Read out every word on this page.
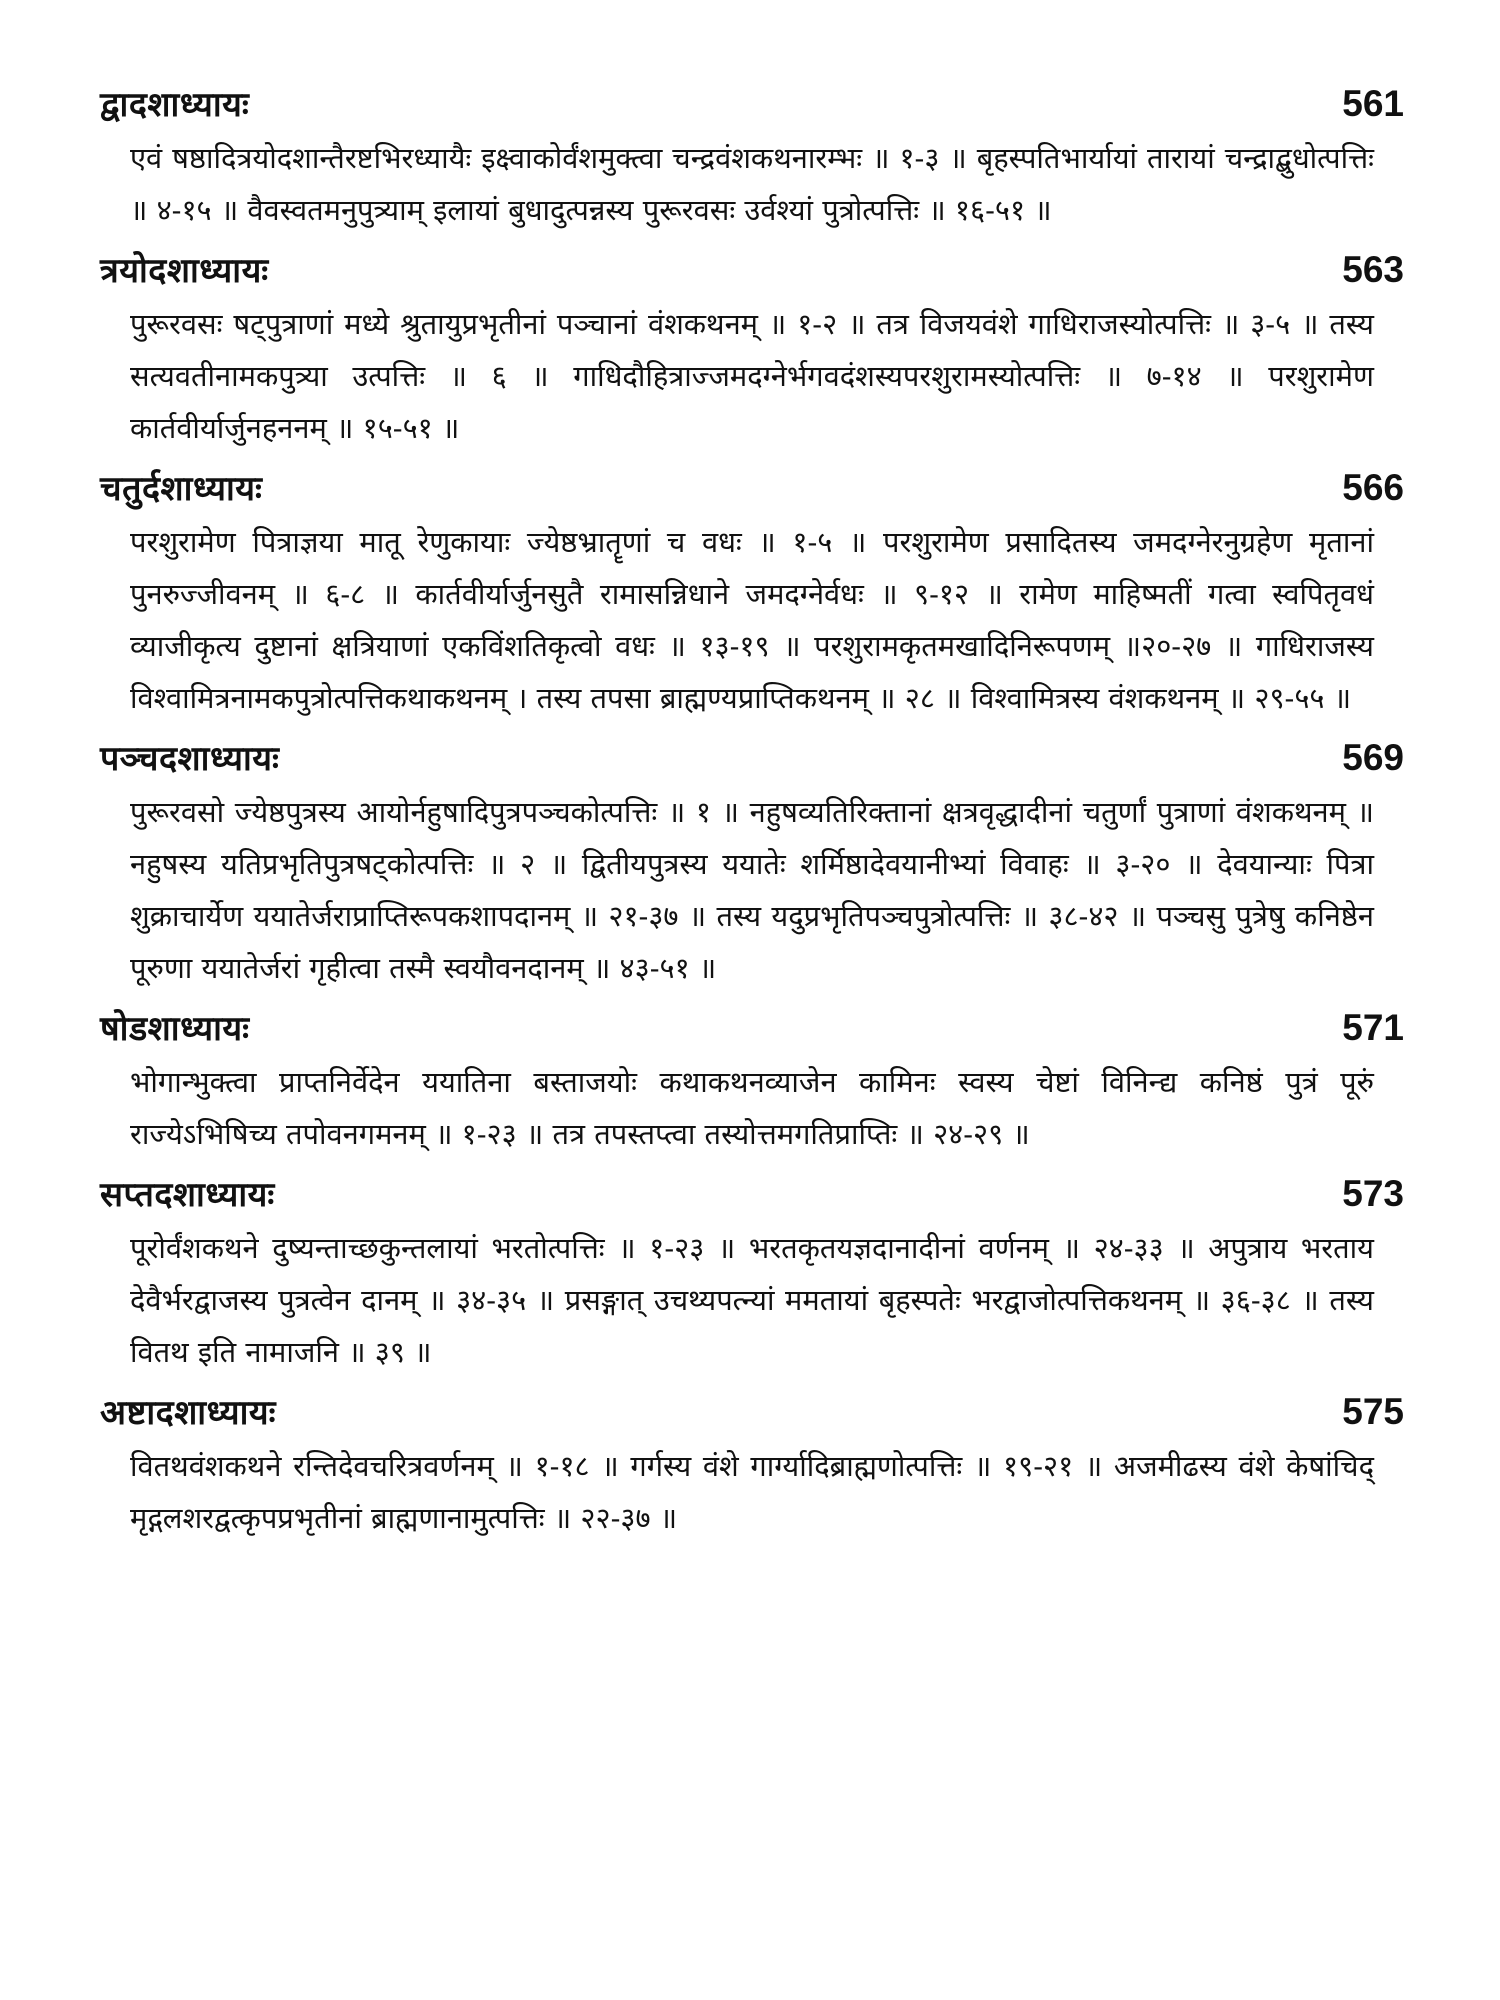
द्वादशाध्यायः	561

एवं षष्ठादित्रयोदशान्तैरष्टभिरध्यायैः इक्ष्वाकोर्वंशमुक्त्वा चन्द्रवंशकथनारम्भः ॥ १-३ ॥ बृहस्पतिभार्यायां तारायां चन्द्राद्बुधोत्पत्तिः ॥ ४-१५ ॥ वैवस्वतमनुपुत्र्याम् इलायां बुधादुत्पन्नस्य पुरूरवसः उर्वश्यां पुत्रोत्पत्तिः ॥ १६-५१ ॥

त्रयोदशाध्यायः	563

पुरूरवसः षट्पुत्राणां मध्ये श्रुतायुप्रभृतीनां पञ्चानां वंशकथनम् ॥ १-२ ॥ तत्र विजयवंशे गाधिराजस्योत्पत्तिः ॥ ३-५ ॥ तस्य सत्यवतीनामकपुत्र्या उत्पत्तिः ॥ ६ ॥ गाधिदौहित्राज्जमदग्नेर्भगवदंशस्यपरशुरामस्योत्पत्तिः ॥ ७-१४ ॥ परशुरामेण कार्तवीर्यार्जुनहननम् ॥ १५-५१ ॥

चतुर्दशाध्यायः	566

परशुरामेण पित्राज्ञया मातू रेणुकायाः ज्येष्ठभ्रातॄणां च वधः ॥ १-५ ॥ परशुरामेण प्रसादितस्य जमदग्नेरनुग्रहेण मृतानां पुनरुज्जीवनम् ॥ ६-८ ॥ कार्तवीर्यार्जुनसुतै रामासन्निधाने जमदग्नेर्वधः ॥ ९-१२ ॥ रामेण माहिष्मतीं गत्वा स्वपितृवधं व्याजीकृत्य दुष्टानां क्षत्रियाणां एकविंशतिकृत्वो वधः ॥ १३-१९ ॥ परशुरामकृतमखादिनिरूपणम् ॥२०-२७ ॥ गाधिराजस्य विश्वामित्रनामकपुत्रोत्पत्तिकथाकथनम् । तस्य तपसा ब्राह्मण्यप्राप्तिकथनम् ॥ २८ ॥ विश्वामित्रस्य वंशकथनम् ॥ २९-५५ ॥

पञ्चदशाध्यायः	569

पुरूरवसो ज्येष्ठपुत्रस्य आयोर्नहुषादिपुत्रपञ्चकोत्पत्तिः ॥ १ ॥ नहुषव्यतिरिक्तानां क्षत्रवृद्धादीनां चतुर्णां पुत्राणां वंशकथनम् ॥ नहुषस्य यतिप्रभृतिपुत्रषट्कोत्पत्तिः ॥ २ ॥ द्वितीयपुत्रस्य ययातेः शर्मिष्ठादेवयानीभ्यां विवाहः ॥ ३-२० ॥ देवयान्याः पित्रा शुक्राचार्येण ययातेर्जराप्राप्तिरूपकशापदानम् ॥ २१-३७ ॥ तस्य यदुप्रभृतिपञ्चपुत्रोत्पत्तिः ॥ ३८-४२ ॥ पञ्चसु पुत्रेषु कनिष्ठेन पूरुणा ययातेर्जरां गृहीत्वा तस्मै स्वयौवनदानम् ॥ ४३-५१ ॥

षोडशाध्यायः	571

भोगान्भुक्त्वा प्राप्तनिर्वेदेन ययातिना बस्ताजयोः कथाकथनव्याजेन कामिनः स्वस्य चेष्टां विनिन्द्य कनिष्ठं पुत्रं पूरुं राज्येऽभिषिच्य तपोवनगमनम् ॥ १-२३ ॥ तत्र तपस्तप्त्वा तस्योत्तमगतिप्राप्तिः ॥ २४-२९ ॥

सप्तदशाध्यायः	573

पूरोर्वंशकथने दुष्यन्ताच्छकुन्तलायां भरतोत्पत्तिः ॥ १-२३ ॥ भरतकृतयज्ञदानादीनां वर्णनम् ॥ २४-३३ ॥ अपुत्राय भरताय देवैर्भरद्वाजस्य पुत्रत्वेन दानम् ॥ ३४-३५ ॥ प्रसङ्गात् उचथ्यपत्न्यां ममतायां बृहस्पतेः भरद्वाजोत्पत्तिकथनम् ॥ ३६-३८ ॥ तस्य वितथ इति नामाजनि ॥ ३९ ॥

अष्टादशाध्यायः	575

वितथवंशकथने रन्तिदेवचरित्रवर्णनम् ॥ १-१८ ॥ गर्गस्य वंशे गार्ग्यादिब्राह्मणोत्पत्तिः ॥ १९-२१ ॥ अजमीढस्य वंशे केषांचिद् मृद्गलशरद्वत्कृपप्रभृतीनां ब्राह्मणानामुत्पत्तिः ॥ २२-३७ ॥
